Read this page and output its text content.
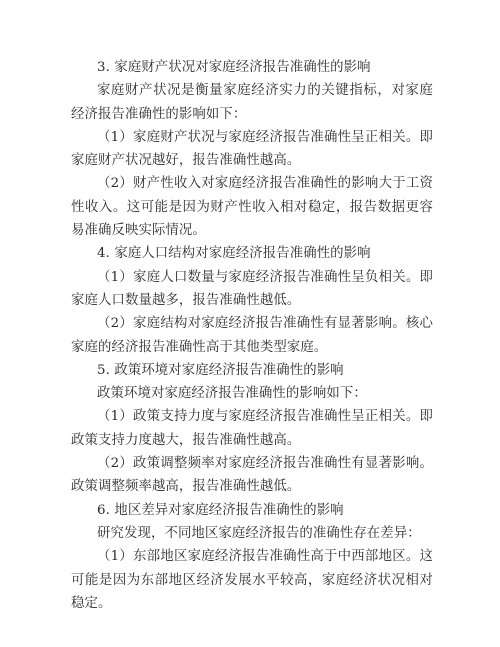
3. 家庭财产状况对家庭经济报告准确性的影响

家庭财产状况是衡量家庭经济实力的关键指标，对家庭经济报告准确性的影响如下：

（1）家庭财产状况与家庭经济报告准确性呈正相关。即家庭财产状况越好，报告准确性越高。

（2）财产性收入对家庭经济报告准确性的影响大于工资性收入。这可能是因为财产性收入相对稳定，报告数据更容易准确反映实际情况。

4. 家庭人口结构对家庭经济报告准确性的影响

（1）家庭人口数量与家庭经济报告准确性呈负相关。即家庭人口数量越多，报告准确性越低。

（2）家庭结构对家庭经济报告准确性有显著影响。核心家庭的经济报告准确性高于其他类型家庭。

5. 政策环境对家庭经济报告准确性的影响

政策环境对家庭经济报告准确性的影响如下：

（1）政策支持力度与家庭经济报告准确性呈正相关。即政策支持力度越大，报告准确性越高。

（2）政策调整频率对家庭经济报告准确性有显著影响。政策调整频率越高，报告准确性越低。

6. 地区差异对家庭经济报告准确性的影响

研究发现，不同地区家庭经济报告的准确性存在差异：

（1）东部地区家庭经济报告准确性高于中西部地区。这可能是因为东部地区经济发展水平较高，家庭经济状况相对稳定。
